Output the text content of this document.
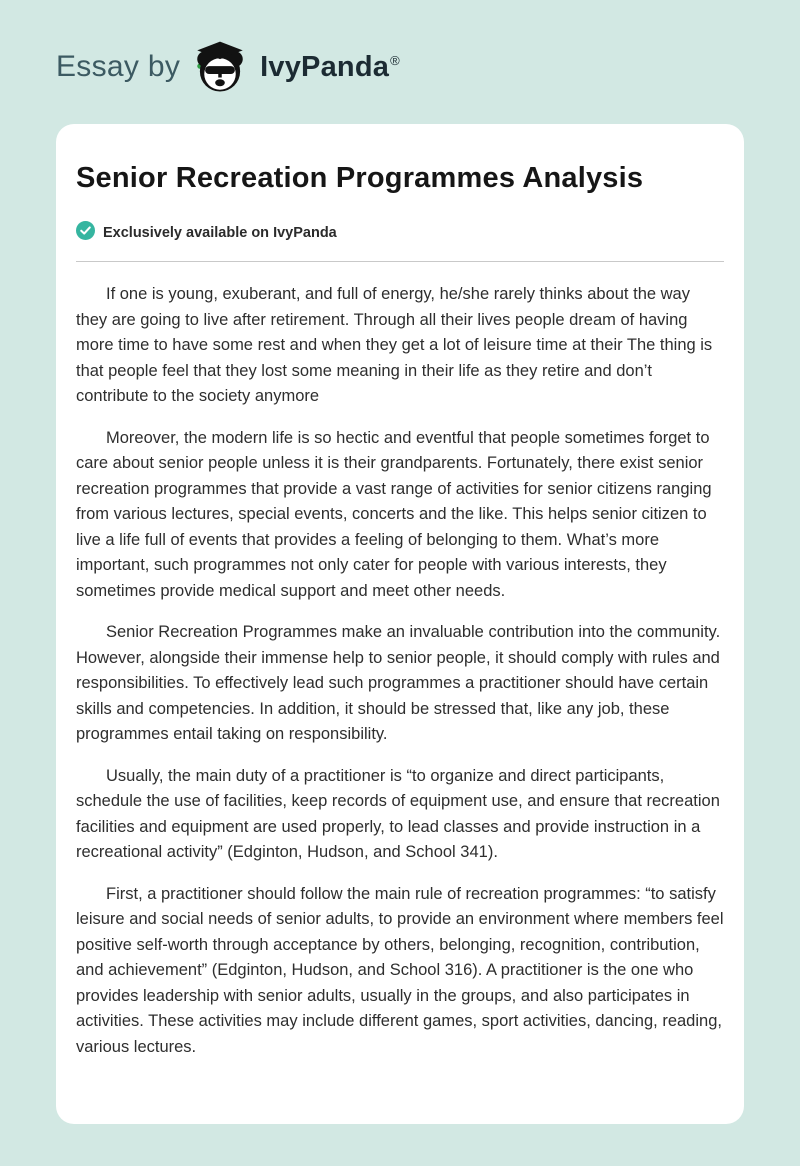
Essay by	IvyPanda ®
Senior Recreation Programmes Analysis
Exclusively available on IvyPanda

If one is young, exuberant, and full of energy, he/she rarely thinks about the way they are going to live after retirement. Through all their lives people dream of having more time to have some rest and when they get a lot of leisure time at their The thing is that people feel that they lost some meaning in their life as they retire and don’t contribute to the society anymore

Moreover, the modern life is so hectic and eventful that people sometimes forget to care about senior people unless it is their grandparents. Fortunately, there exist senior recreation programmes that provide a vast range of activities for senior citizens ranging from various lectures, special events, concerts and the like. This helps senior citizen to live a life full of events that provides a feeling of belonging to them. What’s more important, such programmes not only cater for people with various interests, they sometimes provide medical support and meet other needs.

Senior Recreation Programmes make an invaluable contribution into the community. However, alongside their immense help to senior people, it should comply with rules and responsibilities. To effectively lead such programmes a practitioner should have certain skills and competencies. In addition, it should be stressed that, like any job, these programmes entail taking on responsibility.

Usually, the main duty of a practitioner is “to organize and direct participants, schedule the use of facilities, keep records of equipment use, and ensure that recreation facilities and equipment are used properly, to lead classes and provide instruction in a recreational activity” (Edginton, Hudson, and School 341).

First, a practitioner should follow the main rule of recreation programmes: “to satisfy leisure and social needs of senior adults, to provide an environment where members feel positive self-worth through acceptance by others, belonging, recognition, contribution, and achievement” (Edginton, Hudson, and School 316). A practitioner is the one who provides leadership with senior adults, usually in the groups, and also participates in activities. These activities may include different games, sport activities, dancing, reading, various lectures.
